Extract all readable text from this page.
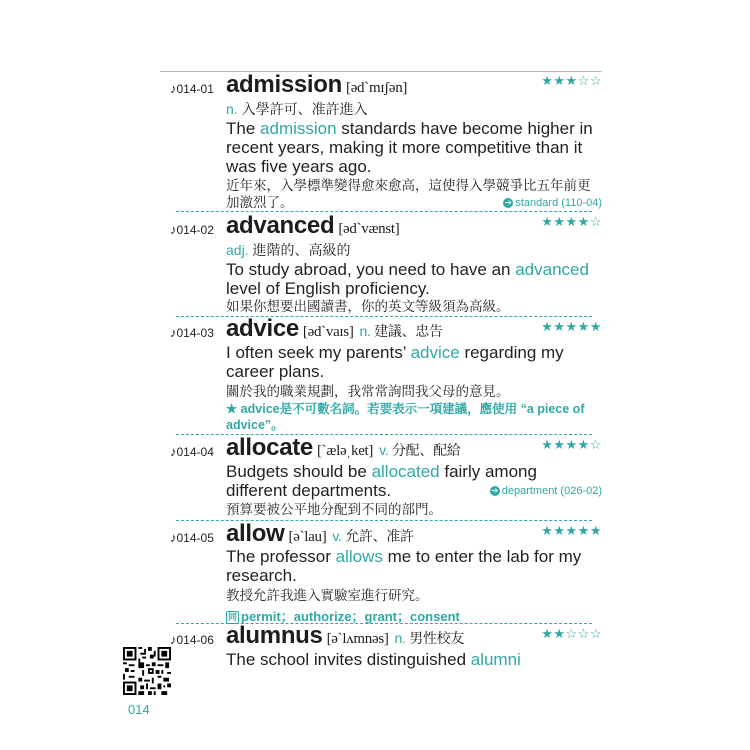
♪014-01 admission [əd`mɪʃən]	★★★☆☆
n. 入學許可、准許進入
The admission standards have become higher in recent years, making it more competitive than it was five years ago.
近年來，入學標準變得愈來愈高，這使得入學競爭比五年前更加激烈了。	➔ standard (110-04)
♪014-02 advanced [əd`vænst]	★★★★☆
adj. 進階的、高級的
To study abroad, you need to have an advanced level of English proficiency.
如果你想要出國讀書，你的英文等級須為高級。
♪014-03 advice [əd`vaɪs] n. 建議、忠告	★★★★★
I often seek my parents’ advice regarding my career plans.
關於我的職業規劃，我常常詢問我父母的意見。
★ advice是不可數名詞。若要表示一項建議，應使用 “a piece of advice”。
♪014-04 allocate [`æləˌket] v. 分配、配給	★★★★☆
Budgets should be allocated fairly among different departments.
預算要被公平地分配到不同的部門。
➔ department (026-02)
♪014-05 allow [ə`lau] v. 允許、准許	★★★★★
The professor allows me to enter the lab for my research.
教授允許我進入實驗室進行研究。
同 permit；authorize；grant；consent
♪014-06 alumnus [ə`lʌmnəs] n. 男性校友	★★☆☆☆
The school invites distinguished alumni
014
